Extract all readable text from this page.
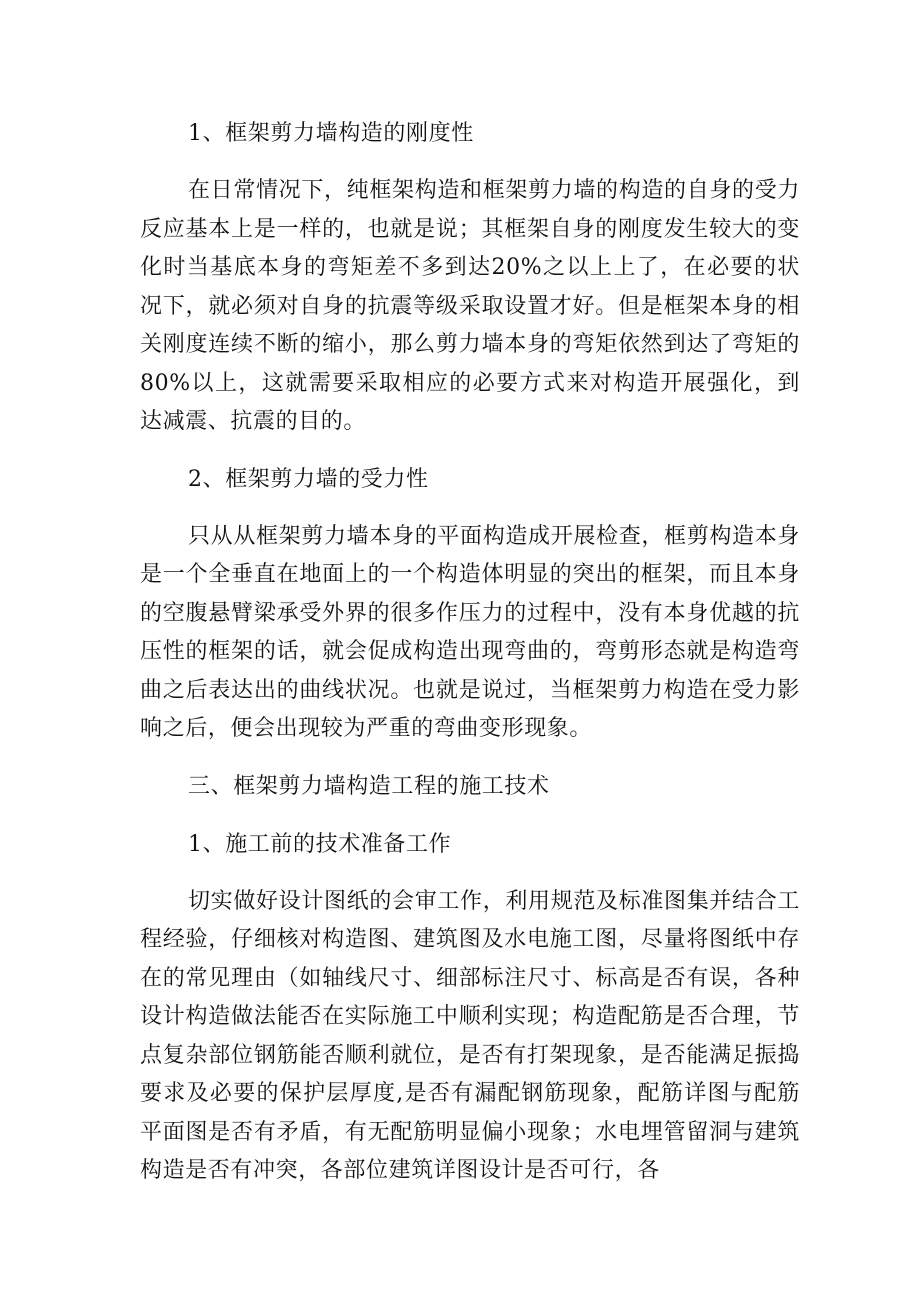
1、框架剪力墙构造的刚度性

在日常情况下，纯框架构造和框架剪力墙的构造的自身的受力反应基本上是一样的，也就是说；其框架自身的刚度发生较大的变化时当基底本身的弯矩差不多到达20%之以上上了，在必要的状况下，就必须对自身的抗震等级采取设置才好。但是框架本身的相关刚度连续不断的缩小，那么剪力墙本身的弯矩依然到达了弯矩的80%以上，这就需要采取相应的必要方式来对构造开展强化，到达减震、抗震的目的。

2、框架剪力墙的受力性

只从从框架剪力墙本身的平面构造成开展检查，框剪构造本身是一个全垂直在地面上的一个构造体明显的突出的框架，而且本身的空腹悬臂梁承受外界的很多作压力的过程中，没有本身优越的抗压性的框架的话，就会促成构造出现弯曲的，弯剪形态就是构造弯曲之后表达出的曲线状况。也就是说过，当框架剪力构造在受力影响之后，便会出现较为严重的弯曲变形现象。

三、框架剪力墙构造工程的施工技术

1、施工前的技术准备工作

切实做好设计图纸的会审工作，利用规范及标准图集并结合工程经验，仔细核对构造图、建筑图及水电施工图，尽量将图纸中存在的常见理由（如轴线尺寸、细部标注尺寸、标高是否有误，各种设计构造做法能否在实际施工中顺利实现；构造配筋是否合理，节点复杂部位钢筋能否顺利就位，是否有打架现象，是否能满足振捣要求及必要的保护层厚度,是否有漏配钢筋现象，配筋详图与配筋平面图是否有矛盾，有无配筋明显偏小现象；水电埋管留洞与建筑构造是否有冲突，各部位建筑详图设计是否可行，各
